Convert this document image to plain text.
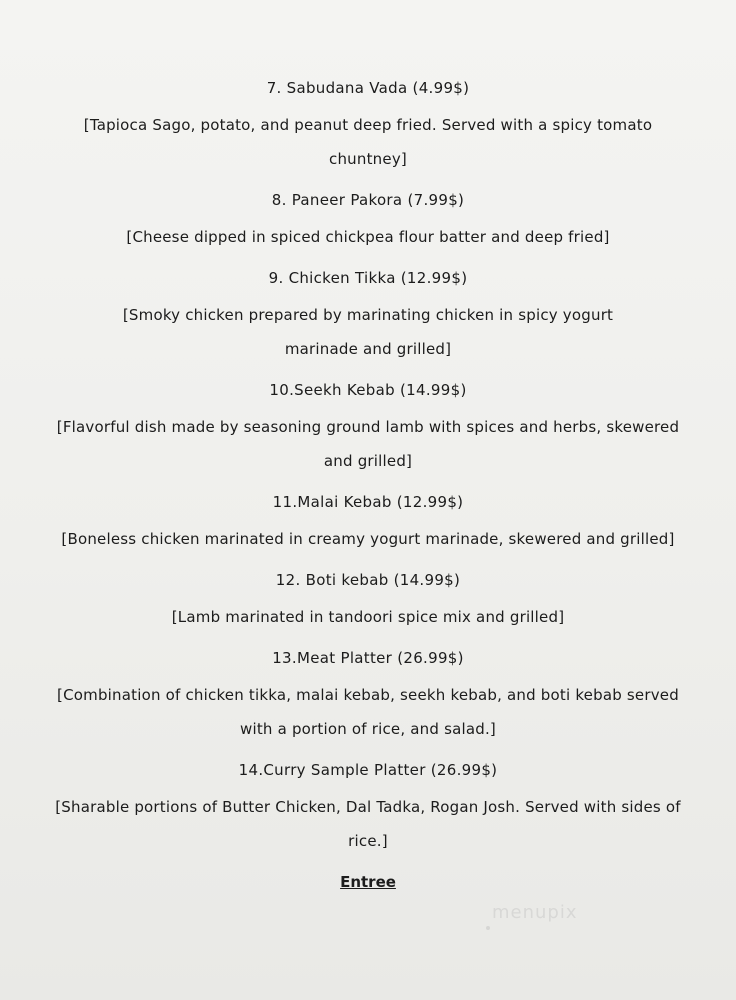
7. Sabudana Vada (4.99$)
[Tapioca Sago, potato, and peanut deep fried. Served with a spicy tomato chuntney]
8. Paneer Pakora (7.99$)
[Cheese dipped in spiced chickpea flour batter and deep fried]
9. Chicken Tikka (12.99$)
[Smoky chicken prepared by marinating chicken in spicy yogurt marinade and grilled]
10.Seekh Kebab (14.99$)
[Flavorful dish made by seasoning ground lamb with spices and herbs, skewered and grilled]
11.Malai Kebab (12.99$)
[Boneless chicken marinated in creamy yogurt marinade, skewered and grilled]
12. Boti kebab (14.99$)
[Lamb marinated in tandoori spice mix and grilled]
13.Meat Platter (26.99$)
[Combination of chicken tikka, malai kebab, seekh kebab, and boti kebab served with a portion of rice, and salad.]
14.Curry Sample Platter (26.99$)
[Sharable portions of Butter Chicken, Dal Tadka, Rogan Josh. Served with sides of rice.]
Entree
menupix
